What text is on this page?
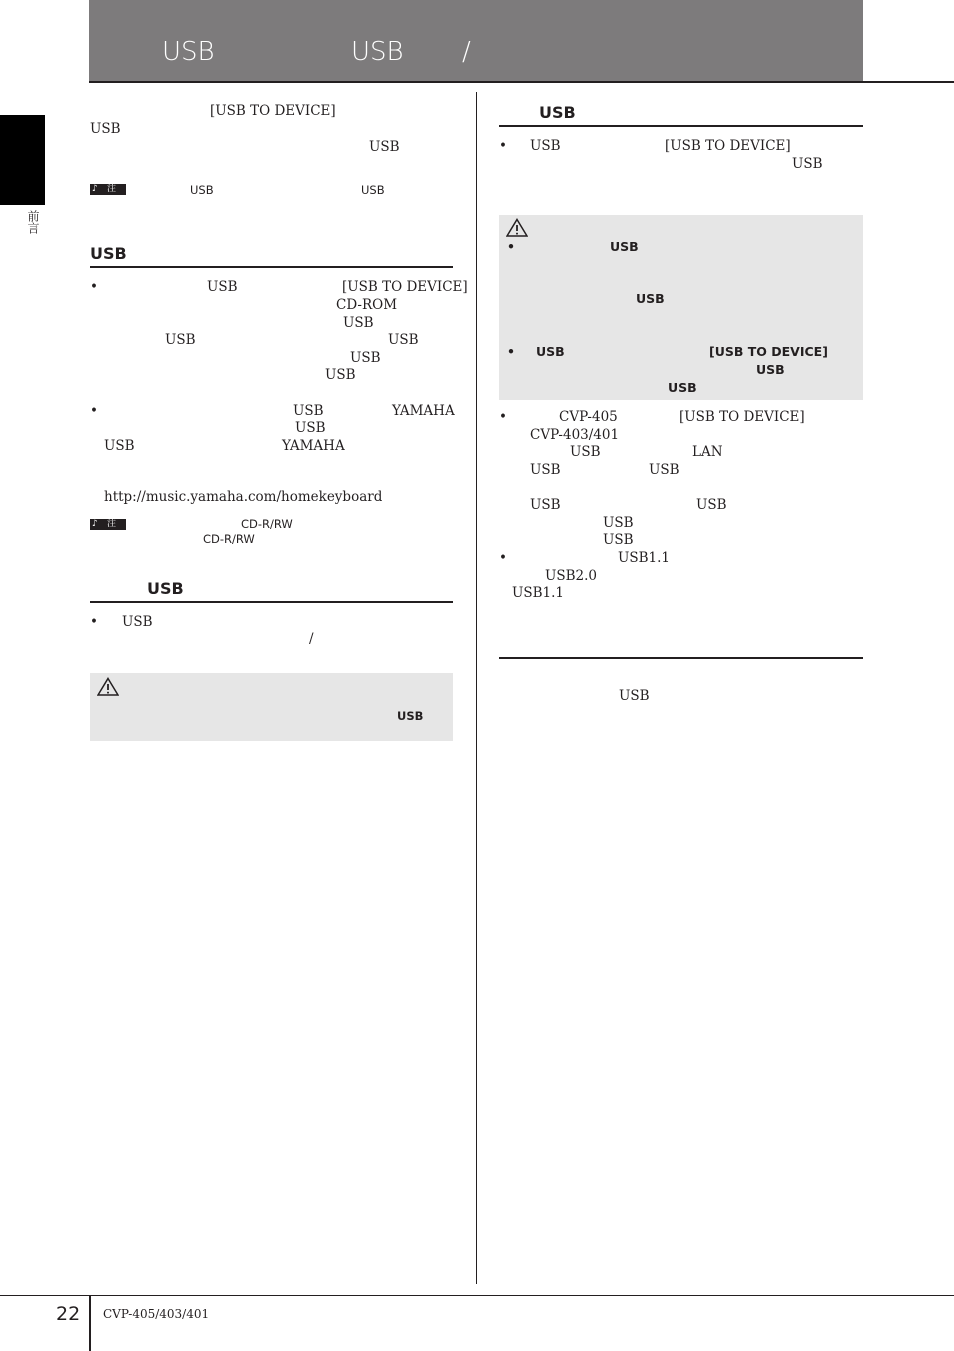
USB	USB /
前言
[USB TO DEVICE]
USB
USB
♪ 注	USB	USB
USB
•	USB	[USB TO DEVICE]
CD-ROM
USB
USB	USB
USB
USB
•	USB	YAMAHA
USB
USB	YAMAHA
http://music.yamaha.com/homekeyboard
♪ 注	CD-R/RW
CD-R/RW
USB
• USB
/
USB
USB
• USB	[USB TO DEVICE]
USB
•	USB
USB
• USB	[USB TO DEVICE]
USB
USB
•	CVP-405	[USB TO DEVICE]
CVP-403/401
USB	LAN
USB	USB
USB	USB
USB
USB
•	USB1.1
USB2.0
USB1.1
USB
22 CVP-405/403/401
